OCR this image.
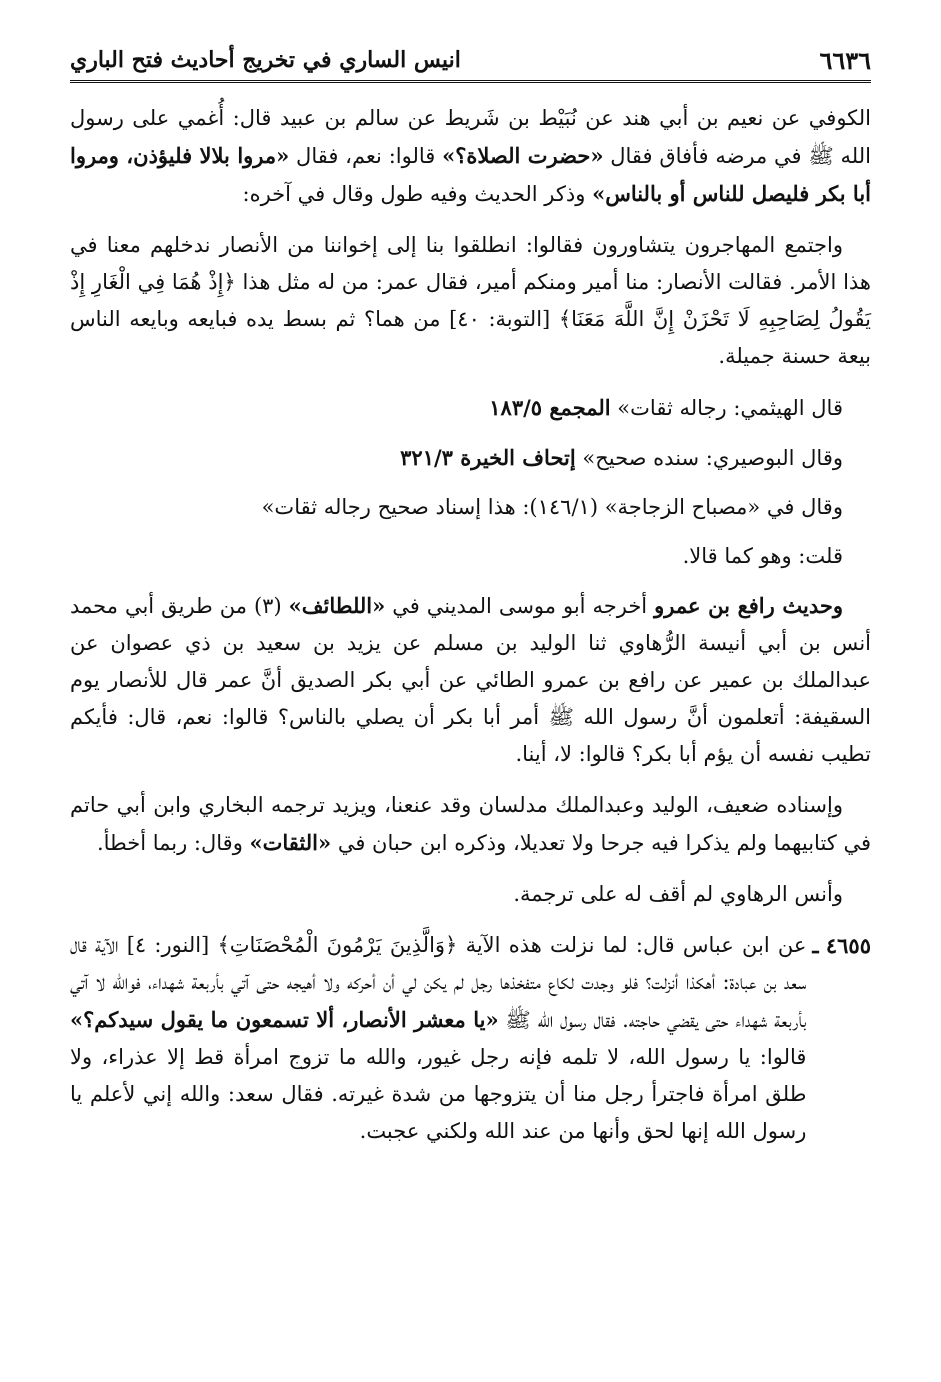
٦٦٣٦
انيس الساري في تخريج أحاديث فتح الباري

الكوفي عن نعيم بن أبي هند عن نُبَيْط بن شَريط عن سالم بن عبيد قال: أُغمي على رسول الله ﷺ في مرضه فأفاق فقال «حضرت الصلاة؟» قالوا: نعم، فقال «مروا بلالا فليؤذن، ومروا أبا بكر فليصل للناس أو بالناس» وذكر الحديث وفيه طول وقال في آخره:

واجتمع المهاجرون يتشاورون فقالوا: انطلقوا بنا إلى إخواننا من الأنصار ندخلهم معنا في هذا الأمر. فقالت الأنصار: منا أمير ومنكم أمير، فقال عمر: من له مثل هذا ﴿إِذْ هُمَا فِي الْغَارِ إِذْ يَقُولُ لِصَاحِبِهِ لَا تَحْزَنْ إِنَّ اللَّهَ مَعَنَا﴾ [التوبة: ٤٠] من هما؟ ثم بسط يده فبايعه وبايعه الناس بيعة حسنة جميلة.

قال الهيثمي: رجاله ثقات» المجمع ١٨٣/٥

وقال البوصيري: سنده صحيح» إتحاف الخيرة ٣٢١/٣

وقال في «مصباح الزجاجة» (١٤٦/١): هذا إسناد صحيح رجاله ثقات»

قلت: وهو كما قالا.

وحديث رافع بن عمرو أخرجه أبو موسى المديني في «اللطائف» (٣) من طريق أبي محمد أنس بن أبي أنيسة الرُّهاوي ثنا الوليد بن مسلم عن يزيد بن سعيد بن ذي عصوان عن عبدالملك بن عمير عن رافع بن عمرو الطائي عن أبي بكر الصديق أنَّ عمر قال للأنصار يوم السقيفة: أتعلمون أنَّ رسول الله ﷺ أمر أبا بكر أن يصلي بالناس؟ قالوا: نعم، قال: فأيكم تطيب نفسه أن يؤم أبا بكر؟ قالوا: لا، أينا.

وإسناده ضعيف، الوليد وعبدالملك مدلسان وقد عنعنا، ويزيد ترجمه البخاري وابن أبي حاتم في كتابيهما ولم يذكرا فيه جرحا ولا تعديلا، وذكره ابن حبان في «الثقات» وقال: ربما أخطأ.

وأنس الرهاوي لم أقف له على ترجمة.

٤٦٥٥ ـ
عن ابن عباس قال: لما نزلت هذه الآية ﴿وَالَّذِينَ يَرْمُونَ الْمُحْصَنَاتِ﴾ [النور: ٤] الآية قال سعد بن عبادة: أهكذا أنزلت؟ فلو وجدت لكاع متفخذها رجل لم يكن لي أن أحركه ولا أهيجه حتى آتي بأربعة شهداء، فوالله لا آتي بأربعة شهداء حتى يقضي حاجته. فقال رسول الله ﷺ «يا معشر الأنصار، ألا تسمعون ما يقول سيدكم؟» قالوا: يا رسول الله، لا تلمه فإنه رجل غيور، والله ما تزوج امرأة قط إلا عذراء، ولا طلق امرأة فاجترأ رجل منا أن يتزوجها من شدة غيرته. فقال سعد: والله إني لأعلم يا رسول الله إنها لحق وأنها من عند الله ولكني عجبت.
